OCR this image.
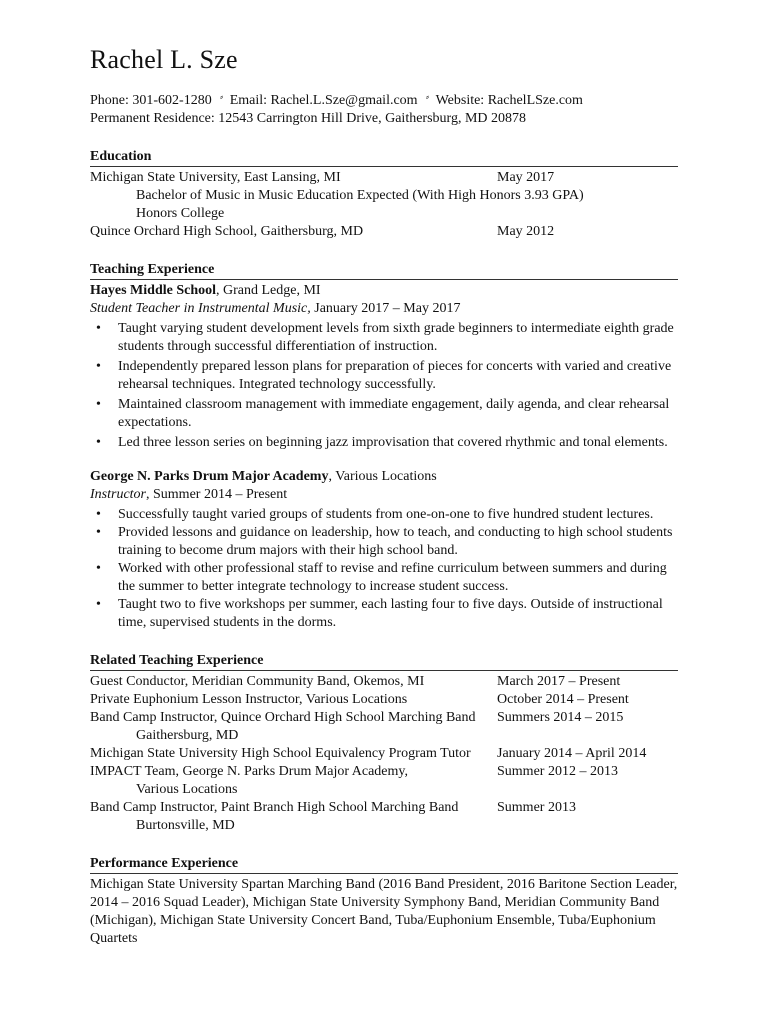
Rachel L. Sze
Phone: 301-602-1280 ⸗ Email: Rachel.L.Sze@gmail.com ⸗ Website: RachelLSze.com
Permanent Residence: 12543 Carrington Hill Drive, Gaithersburg, MD 20878
Education
Michigan State University, East Lansing, MI	May 2017
Bachelor of Music in Music Education Expected (With High Honors 3.93 GPA)
Honors College
Quince Orchard High School, Gaithersburg, MD	May 2012
Teaching Experience
Hayes Middle School, Grand Ledge, MI
Student Teacher in Instrumental Music, January 2017 – May 2017
• Taught varying student development levels from sixth grade beginners to intermediate eighth grade students through successful differentiation of instruction.
• Independently prepared lesson plans for preparation of pieces for concerts with varied and creative rehearsal techniques. Integrated technology successfully.
• Maintained classroom management with immediate engagement, daily agenda, and clear rehearsal expectations.
• Led three lesson series on beginning jazz improvisation that covered rhythmic and tonal elements.
George N. Parks Drum Major Academy, Various Locations
Instructor, Summer 2014 – Present
• Successfully taught varied groups of students from one-on-one to five hundred student lectures.
• Provided lessons and guidance on leadership, how to teach, and conducting to high school students training to become drum majors with their high school band.
• Worked with other professional staff to revise and refine curriculum between summers and during the summer to better integrate technology to increase student success.
• Taught two to five workshops per summer, each lasting four to five days. Outside of instructional time, supervised students in the dorms.
Related Teaching Experience
Guest Conductor, Meridian Community Band, Okemos, MI	March 2017 – Present
Private Euphonium Lesson Instructor, Various Locations	October 2014 – Present
Band Camp Instructor, Quince Orchard High School Marching Band	Summers 2014 – 2015
Gaithersburg, MD
Michigan State University High School Equivalency Program Tutor	January 2014 – April 2014
IMPACT Team, George N. Parks Drum Major Academy,	Summer 2012 – 2013
Various Locations
Band Camp Instructor, Paint Branch High School Marching Band	Summer 2013
Burtonsville, MD
Performance Experience
Michigan State University Spartan Marching Band (2016 Band President, 2016 Baritone Section Leader, 2014 – 2016 Squad Leader), Michigan State University Symphony Band, Meridian Community Band (Michigan), Michigan State University Concert Band, Tuba/Euphonium Ensemble, Tuba/Euphonium Quartets
